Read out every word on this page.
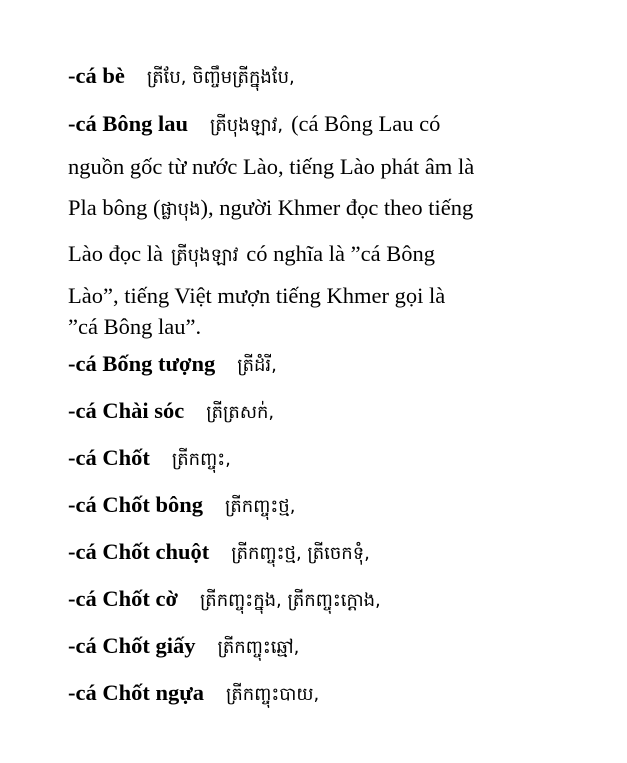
-cá bè ត្រីបែ, ចិញ្ចឹមត្រីក្នុងបែ,
-cá Bông lau ត្រីបុងឡាវ, (cá Bông Lau có
nguồn gốc từ nước Lào, tiếng Lào phát âm là
Pla bông (ផ្លាបុង), người Khmer đọc theo tiếng
Lào đọc là ត្រីបុងឡាវ có nghĩa là ”cá Bông
Lào”, tiếng Việt mượn tiếng Khmer gọi là
”cá Bông lau”.
-cá Bống tượng ត្រីដំរី,
-cá Chài sóc ត្រីត្រសក់,
-cá Chốt ត្រីកញ្ចុះ,
-cá Chốt bông ត្រីកញ្ចុះថ្ម,
-cá Chốt chuột ត្រីកញ្ចុះថ្ម, ត្រីចេកទុំ,
-cá Chốt cờ ត្រីកញ្ចុះក្នុង, ត្រីកញ្ចុះក្ដោង,
-cá Chốt giấy ត្រីកញ្ចុះឆ្មៅ,
-cá Chốt ngựa ត្រីកញ្ចុះបាយ,
